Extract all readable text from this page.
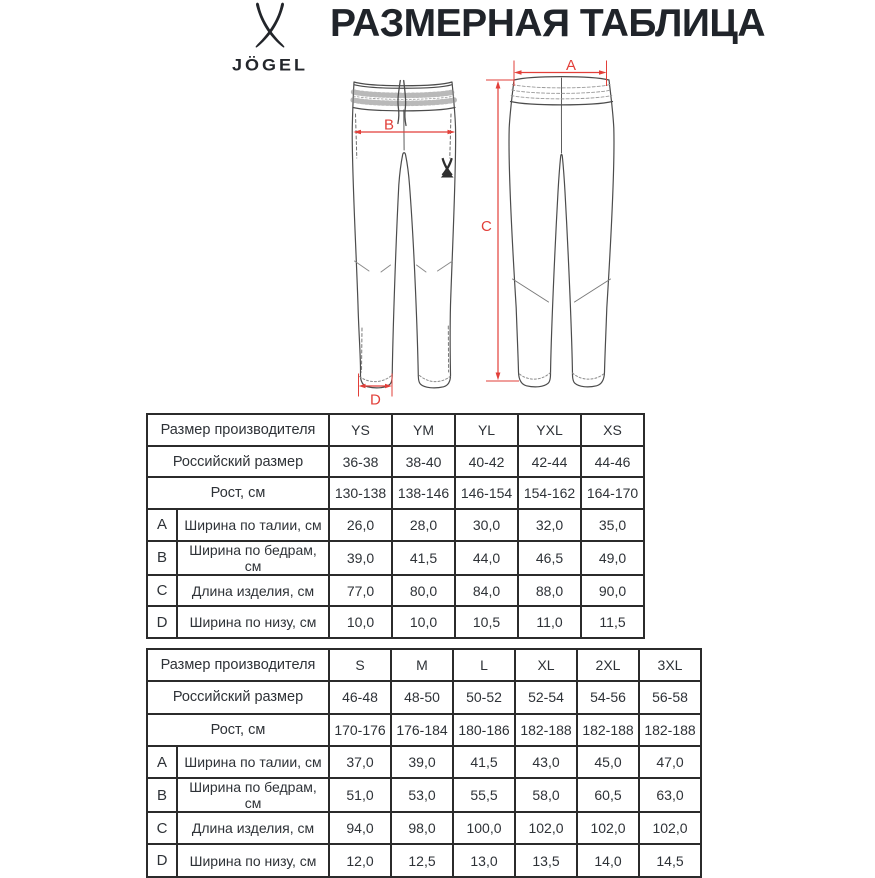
JÖGEL
РАЗМЕРНАЯ ТАБЛИЦА
A
B
C
D
Размер производителя		YS	YM	YL	YXL	XS
Российский размер		36-38	38-40	40-42	42-44	44-46
Рост, см		130-138	138-146	146-154	154-162	164-170
A	Ширина по талии, см	26,0	28,0	30,0	32,0	35,0
B	Ширина по бедрам, см	39,0	41,5	44,0	46,5	49,0
C	Длина изделия, см	77,0	80,0	84,0	88,0	90,0
D	Ширина по низу, см	10,0	10,0	10,5	11,0	11,5
Размер производителя		S	M	L	XL	2XL	3XL
Российский размер		46-48	48-50	50-52	52-54	54-56	56-58
Рост, см		170-176	176-184	180-186	182-188	182-188	182-188
A	Ширина по талии, см	37,0	39,0	41,5	43,0	45,0	47,0
B	Ширина по бедрам, см	51,0	53,0	55,5	58,0	60,5	63,0
C	Длина изделия, см	94,0	98,0	100,0	102,0	102,0	102,0
D	Ширина по низу, см	12,0	12,5	13,0	13,5	14,0	14,5
